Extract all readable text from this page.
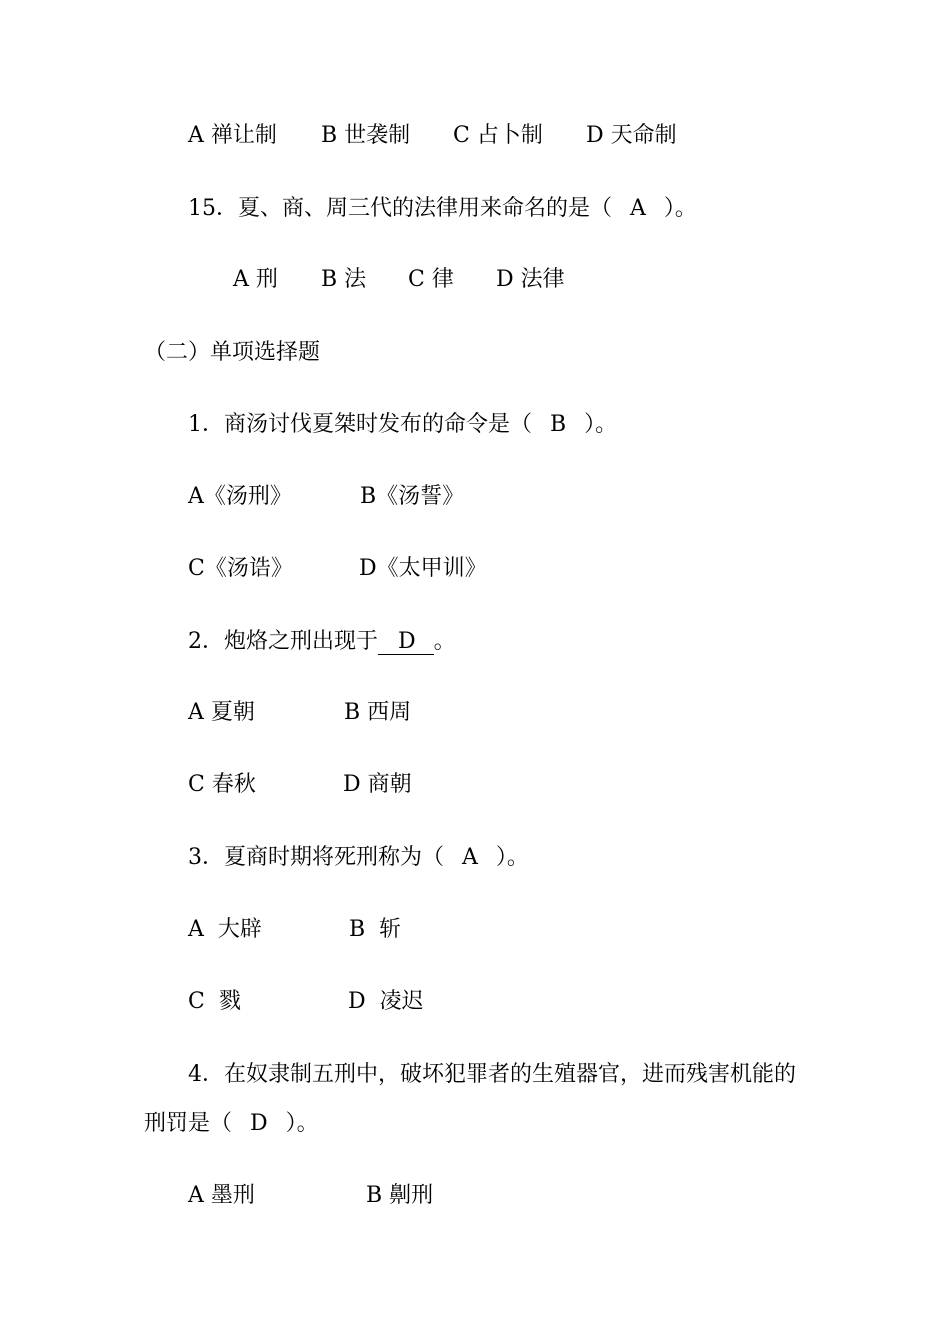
A 禅让制 B 世袭制 C 占卜制 D 天命制
15．夏、商、周三代的法律用来命名的是（ A ）。
A 刑 B 法 C 律 D 法律
（二）单项选择题
1．商汤讨伐夏桀时发布的命令是（ B ）。
A《汤刑》	B《汤誓》
C《汤诰》	D《太甲训》
2．炮烙之刑出现于 D 。
A 夏朝	B 西周
C 春秋	D 商朝
3．夏商时期将死刑称为（ A ）。
A  大辟	B  斩
C  戮	D  凌迟
4．在奴隶制五刑中，破坏犯罪者的生殖器官，进而残害机能的
刑罚是（ D ）。
A 墨刑	B 劓刑
